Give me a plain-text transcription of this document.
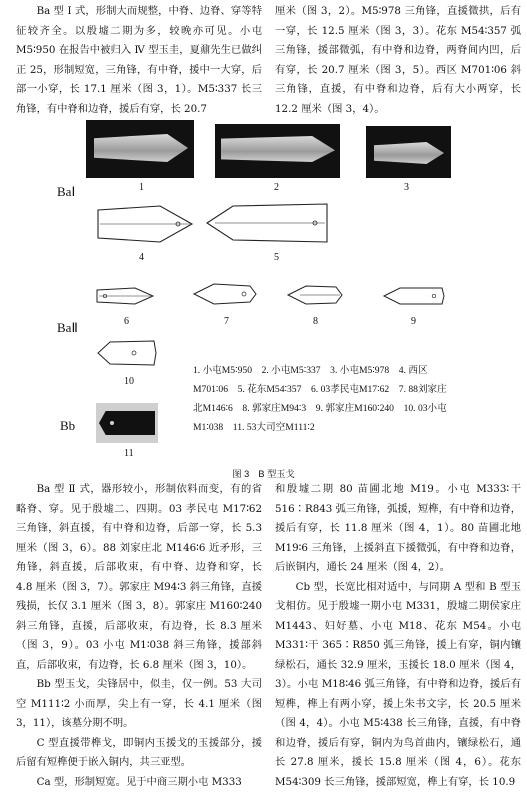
Ba 型 Ⅰ 式，形制大而规整，中脊、边脊、穿等特征较齐全。以殷墟二期为多，较晚亦可见。小屯 M5∶950 在报告中被归入 Ⅳ 型玉圭，夏鼐先生已做纠正 25，形制短宽，三角锋，有中脊，援中一大穿，后部一小穿，长 17.1 厘米（图 3，1）。M5∶337 长三角锋，有中脊和边脊，援后有穿，长 20.7

厘米（图 3，2）。M5∶978 三角锋，直援微拱，后有一穿，长 12.5 厘米（图 3，3）。花东 M54∶357 弧三角锋，援部微弧，有中脊和边脊，两脊间内凹，后有穿，长 20.7 厘米（图 3，5）。西区 M701∶06 斜三角锋，直援，有中脊和边脊，后有大小两穿，长 12.2 厘米（图 3，4）。

BaⅠ
BaⅡ
Bb
1	2	3
4	5
6	7	8	9
10
11

1. 小屯M5∶950　2. 小屯M5∶337　3. 小屯M5∶978　4. 西区

M701∶06　5. 花东M54∶357　6. 03孝民屯M17∶62　7. 88刘家庄

北M146∶6　8. 郭家庄M94∶3　9. 郭家庄M160∶240　10. 03小屯

M1∶038　11. 53大司空M111∶2

图 3　B 型玉戈

Ba 型 Ⅱ 式，器形较小，形制依料而变，有的省略脊、穿。见于殷墟二、四期。03 孝民屯 M17∶62 三角锋，斜直援，有中脊和边脊，后部一穿，长 5.3 厘米（图 3，6）。88 刘家庄北 M146∶6 近矛形，三角锋，斜直援，后部收束，有中脊、边脊和穿，长 4.8 厘米（图 3，7）。郭家庄 M94∶3 斜三角锋，直援残损，长仅 3.1 厘米（图 3，8）。郭家庄 M160∶240 斜三角锋，直援，后部收束，有边脊，长 8.3 厘米（图 3，9）。03 小屯 M1∶038 斜三角锋，援部斜直，后部收束，有边脊，长 6.8 厘米（图 3，10）。

Bb 型玉戈，尖锋居中，似圭，仅一例。53 大司空 M111∶2 小而厚，尖上有一穿，长 4.1 厘米（图 3，11），该墓分期不明。

C 型直援带榫戈，即铜内玉援戈的玉援部分，援后留有短榫便于嵌入铜内，共三亚型。

Ca 型，形制短宽。见于中商三期小屯 M333

和殷墟二期 80 苗圃北地 M19。小屯 M333∶干 516∶R843 弧三角锋，弧援，短榫，有中脊和边脊，援后有穿，长 11.8 厘米（图 4，1）。80 苗圃北地 M19∶6 三角锋，上援斜直下援微弧，有中脊和边脊，后嵌铜内，通长 24 厘米（图 4，2）。

Cb 型，长宽比相对适中，与同期 A 型和 B 型玉戈相仿。见于殷墟一期小屯 M331，殷墟二期侯家庄 M1443、妇好墓、小屯 M18、花东 M54。小屯 M331∶干 365∶R850 弧三角锋，援上有穿，铜内镶绿松石，通长 32.9 厘米，玉援长 18.0 厘米（图 4，3）。小屯 M18∶46 弧三角锋，有中脊和边脊，援后有短榫，榫上有两小穿，援上朱书文字，长 20.5 厘米（图 4，4）。小屯 M5∶438 长三角锋，直援，有中脊和边脊，援后有穿，铜内为鸟首曲内，镶绿松石，通长 27.8 厘米，援长 15.8 厘米（图 4，6）。花东 M54∶309 长三角锋，援部短宽，榫上有穿，长 10.9
